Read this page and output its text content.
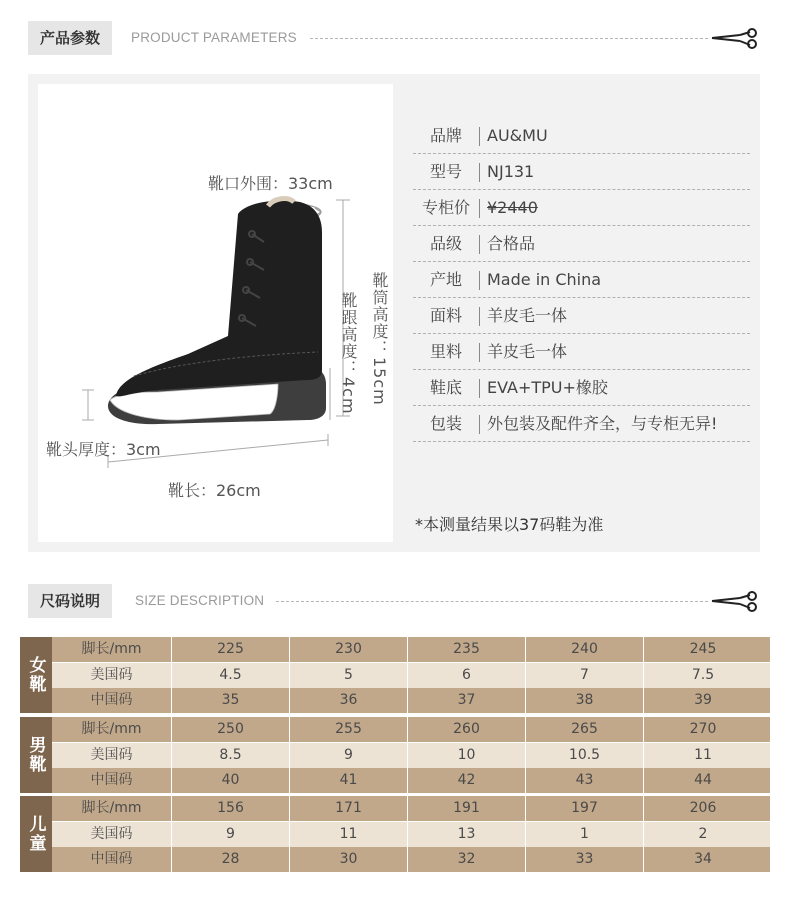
产品参数	PRODUCT PARAMETERS
靴口外围：33cm
靴筒高度：15cm
靴跟高度：4cm
靴头厚度：3cm
靴长：26cm
品牌	AU&MU
型号	NJ131
专柜价	¥2440
品级	合格品
产地	Made in China
面料	羊皮毛一体
里料	羊皮毛一体
鞋底	EVA+TPU+橡胶
包装	外包装及配件齐全，与专柜无异!
*本测量结果以37码鞋为准
尺码说明	SIZE DESCRIPTION
女靴
脚长/mm	225	230	235	240	245
美国码	4.5	5	6	7	7.5
中国码	35	36	37	38	39
男靴
脚长/mm	250	255	260	265	270
美国码	8.5	9	10	10.5	11
中国码	40	41	42	43	44
儿童
脚长/mm	156	171	191	197	206
美国码	9	11	13	1	2
中国码	28	30	32	33	34
